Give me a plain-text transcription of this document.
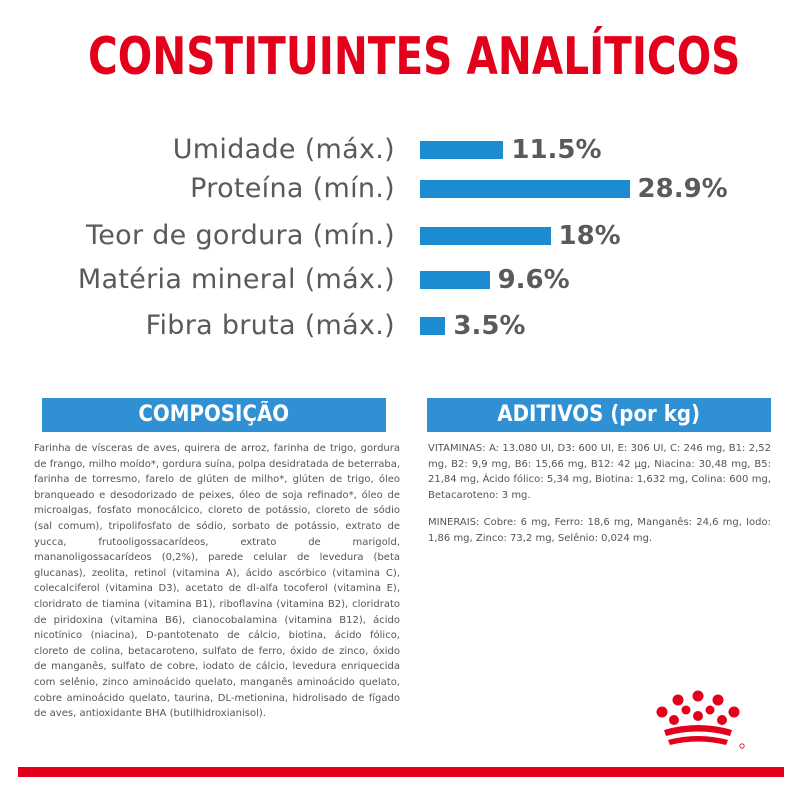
CONSTITUINTES ANALÍTICOS
Umidade (máx.)	11.5%
Proteína (mín.)	28.9%
Teor de gordura (mín.)	18%
Matéria mineral (máx.)	9.6%
Fibra bruta (máx.) 3.5%
COMPOSIÇÃO
Farinha de vísceras de aves, quirera de arroz, farinha de trigo, gordura de frango, milho moído*, gordura suína, polpa desidratada de beterraba, farinha de torresmo, farelo de glúten de milho*, glúten de trigo, óleo branqueado e desodorizado de peixes, óleo de soja refinado*, óleo de microalgas, fosfato monocálcico, cloreto de potássio, cloreto de sódio (sal comum), tripolifosfato de sódio, sorbato de potássio, extrato de yucca, frutooligossacarídeos, extrato de marigold, mananoligossacarídeos (0,2%), parede celular de levedura (beta glucanas), zeolita, retinol (vitamina A), ácido ascórbico (vitamina C), colecalciferol (vitamina D3), acetato de dl-alfa tocoferol (vitamina E), cloridrato de tiamina (vitamina B1), riboflavina (vitamina B2), cloridrato de piridoxina (vitamina B6), cianocobalamina (vitamina B12), ácido nicotínico (niacina), D-pantotenato de cálcio, biotina, ácido fólico, cloreto de colina, betacaroteno, sulfato de ferro, óxido de zinco, óxido de manganês, sulfato de cobre, iodato de cálcio, levedura enriquecida com selênio, zinco aminoácido quelato, manganês aminoácido quelato, cobre aminoácido quelato, taurina, DL-metionina, hidrolisado de fígado de aves, antioxidante BHA (butilhidroxianisol).
ADITIVOS (por kg)

VITAMINAS: A: 13.080 UI, D3: 600 UI, E: 306 UI, C: 246 mg, B1: 2,52 mg, B2: 9,9 mg, B6: 15,66 mg, B12: 42 µg, Niacina: 30,48 mg, B5: 21,84 mg, Ácido fólico: 5,34 mg, Biotina: 1,632 mg, Colina: 600 mg, Betacaroteno: 3 mg.

MINERAIS: Cobre: 6 mg, Ferro: 18,6 mg, Manganês: 24,6 mg, Iodo: 1,86 mg, Zinco: 73,2 mg, Selênio: 0,024 mg.
